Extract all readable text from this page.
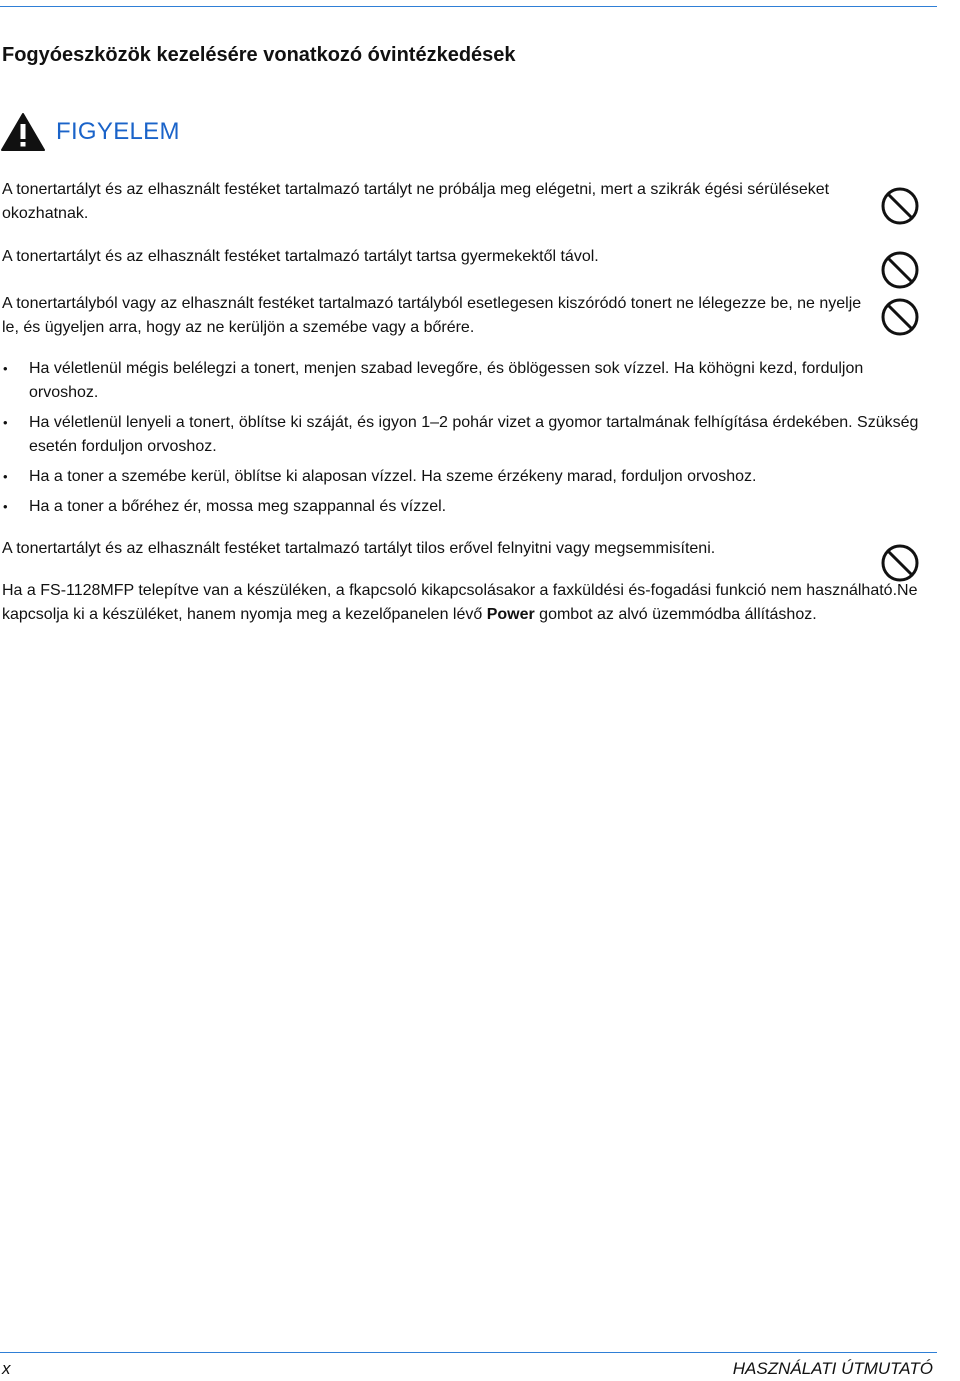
Fogyóeszközök kezelésére vonatkozó óvintézkedések
FIGYELEM

A tonertartályt és az elhasznált festéket tartalmazó tartályt ne próbálja meg elégetni, mert a szikrák égési sérüléseket okozhatnak.

A tonertartályt és az elhasznált festéket tartalmazó tartályt tartsa gyermekektől távol.

A tonertartályból vagy az elhasznált festéket tartalmazó tartályból esetlegesen kiszóródó tonert ne lélegezze be, ne nyelje le, és ügyeljen arra, hogy az ne kerüljön a szemébe vagy a bőrére.

• Ha véletlenül mégis belélegzi a tonert, menjen szabad levegőre, és öblögessen sok vízzel. Ha köhögni kezd, forduljon orvoshoz.
• Ha véletlenül lenyeli a tonert, öblítse ki száját, és igyon 1–2 pohár vizet a gyomor tartalmának felhígítása érdekében. Szükség esetén forduljon orvoshoz.
• Ha a toner a szemébe kerül, öblítse ki alaposan vízzel. Ha szeme érzékeny marad, forduljon orvoshoz.
• Ha a toner a bőréhez ér, mossa meg szappannal és vízzel.

A tonertartályt és az elhasznált festéket tartalmazó tartályt tilos erővel felnyitni vagy megsemmisíteni.

Ha a FS-1128MFP telepítve van a készüléken, a fkapcsoló kikapcsolásakor a faxküldési és-fogadási funkció nem használható.Ne kapcsolja ki a készüléket, hanem nyomja meg a kezelőpanelen lévő Power gombot az alvó üzemmódba állításhoz.

x	HASZNÁLATI ÚTMUTATÓ
